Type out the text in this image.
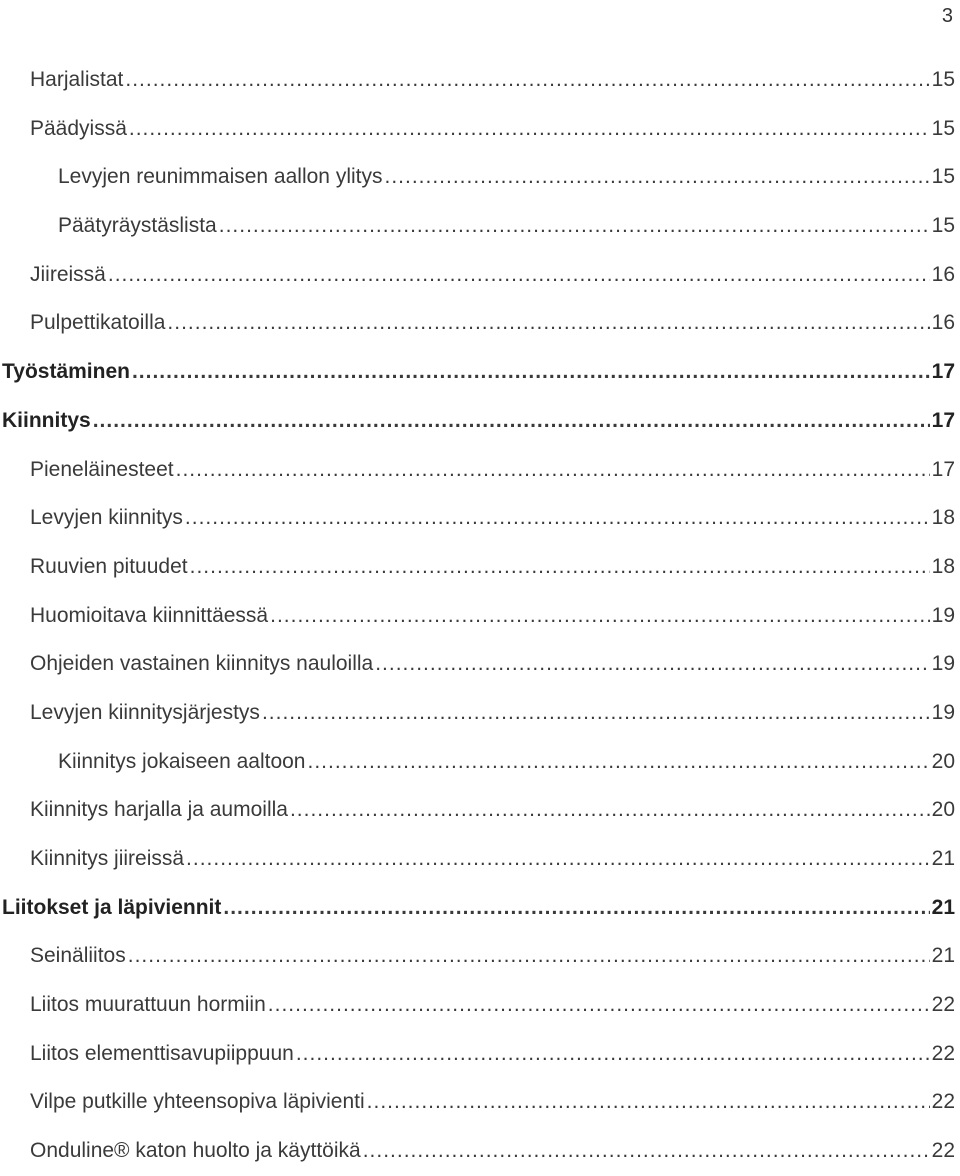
3
Harjalistat .....	15
Päädyissä .....	15
Levyjen reunimmaisen aallon ylitys .....	15
Päätyräystäslista .....	15
Jiireissä .....	16
Pulpettikatoilla .....	16
Työstäminen .....	17
Kiinnitys .....	17
Pieneläinesteet .....	17
Levyjen kiinnitys .....	18
Ruuvien pituudet .....	18
Huomioitava kiinnittäessä .....	19
Ohjeiden vastainen kiinnitys nauloilla .....	19
Levyjen kiinnitysjärjestys .....	19
Kiinnitys jokaiseen aaltoon .....	20
Kiinnitys harjalla ja aumoilla .....	20
Kiinnitys jiireissä .....	21
Liitokset ja läpiviennit .....	21
Seinäliitos .....	21
Liitos muurattuun hormiin .....	22
Liitos elementtisavupiippuun .....	22
Vilpe putkille yhteensopiva läpivienti .....	22
Onduline® katon huolto ja käyttöikä .....	22
